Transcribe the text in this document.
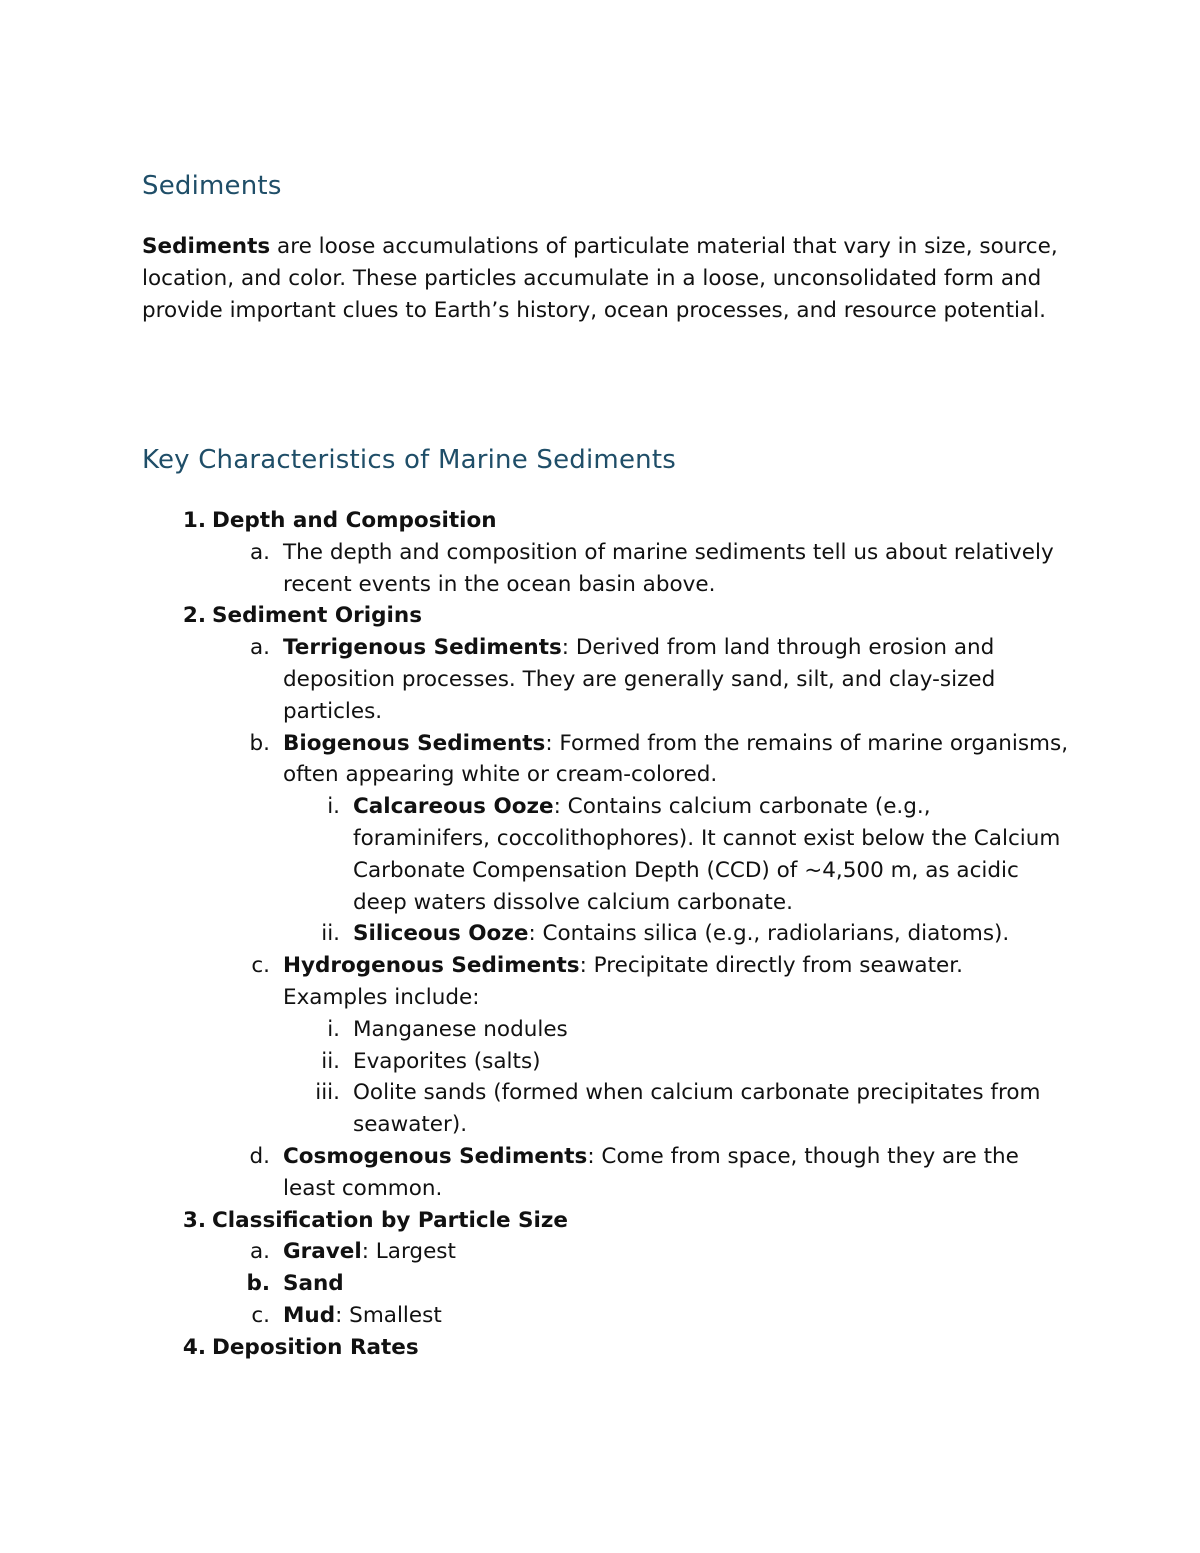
Sediments

Sediments are loose accumulations of particulate material that vary in size, source, location, and color. These particles accumulate in a loose, unconsolidated form and provide important clues to Earth’s history, ocean processes, and resource potential.

Key Characteristics of Marine Sediments
1. Depth and Composition
a. The depth and composition of marine sediments tell us about relatively recent events in the ocean basin above.
2. Sediment Origins
a. Terrigenous Sediments: Derived from land through erosion and deposition processes. They are generally sand, silt, and clay-sized particles.
b. Biogenous Sediments: Formed from the remains of marine organisms, often appearing white or cream-colored.
i. Calcareous Ooze: Contains calcium carbonate (e.g., foraminifers, coccolithophores). It cannot exist below the Calcium Carbonate Compensation Depth (CCD) of ~4,500 m, as acidic deep waters dissolve calcium carbonate.
ii. Siliceous Ooze: Contains silica (e.g., radiolarians, diatoms).
c. Hydrogenous Sediments: Precipitate directly from seawater. Examples include:
i. Manganese nodules
ii. Evaporites (salts)
iii. Oolite sands (formed when calcium carbonate precipitates from seawater).
d. Cosmogenous Sediments: Come from space, though they are the least common.
3. Classification by Particle Size
a. Gravel: Largest
b. Sand
c. Mud: Smallest
4. Deposition Rates
